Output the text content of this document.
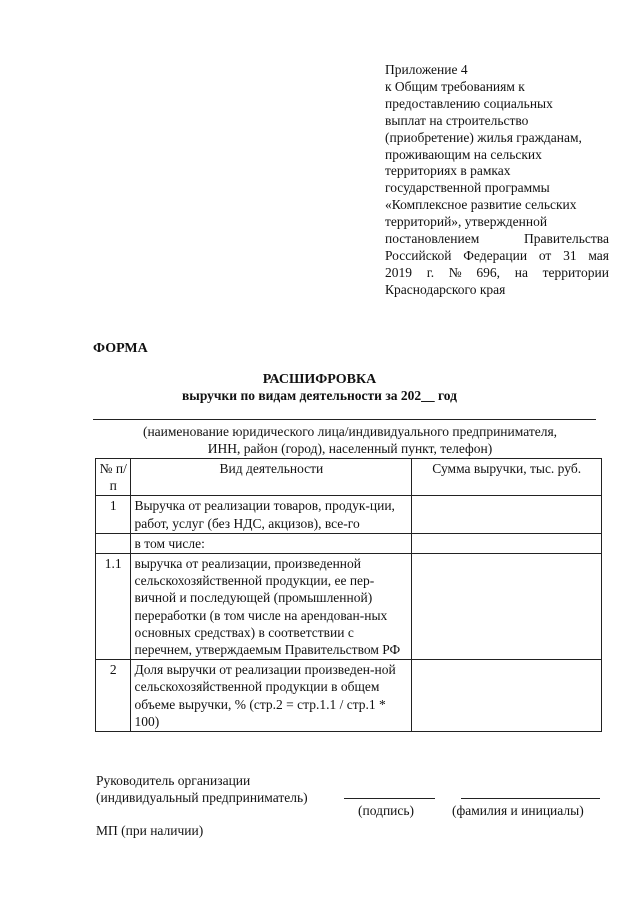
Приложение 4
к Общим требованиям к
предоставлению социальных
выплат на строительство
(приобретение) жилья гражданам,
проживающим на сельских
территориях в рамках
государственной программы
«Комплексное развитие сельских
территорий», утвержденной
постановлением	Правительства
Российской Федерации от 31 мая
2019 г. № 696, на территории
Краснодарского края
ФОРМА
РАСШИФРОВКА
выручки по видам деятельности за 202__ год
(наименование юридического лица/индивидуального предпринимателя,
ИНН, район (город), населенный пункт, телефон)
№ п/п	Вид деятельности	Сумма выручки, тыс. руб.
1	Выручка от реализации товаров, продук-ции, работ, услуг (без НДС, акцизов), все-го	
	в том числе:	
1.1	выручка от реализации, произведенной сельскохозяйственной продукции, ее пер-вичной и последующей (промышленной) переработки (в том числе на арендован-ных основных средствах) в соответствии с перечнем, утверждаемым Правительством РФ	
2	Доля выручки от реализации произведен-ной сельскохозяйственной продукции в общем объеме выручки, % (стр.2 = стр.1.1 / стр.1 * 100)	
Руководитель организации
(индивидуальный предприниматель)
(подпись)	(фамилия и инициалы)
МП (при наличии)
